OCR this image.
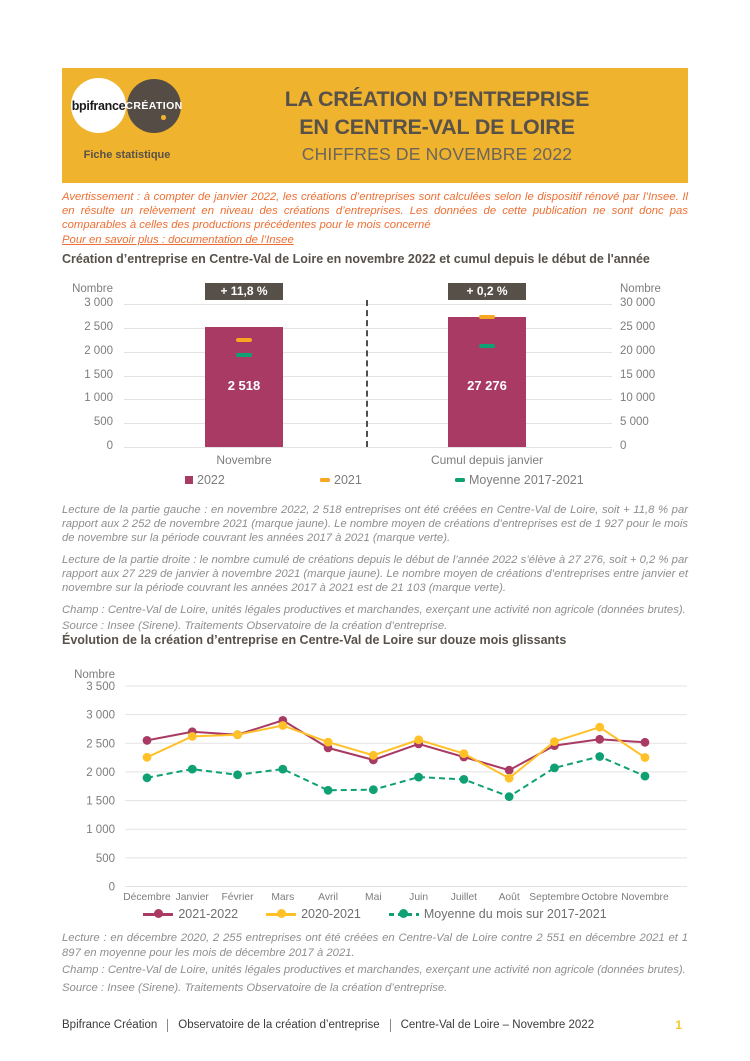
bpifrance CRÉATION
Fiche statistique
LA CRÉATION D’ENTREPRISE
EN CENTRE-VAL DE LOIRE
CHIFFRES DE NOVEMBRE 2022

Avertissement : à compter de janvier 2022, les créations d’entreprises sont calculées selon le dispositif rénové par l’Insee. Il en résulte un relèvement en niveau des créations d’entreprises. Les données de cette publication ne sont donc pas comparables à celles des productions précédentes pour le mois concerné

Pour en savoir plus : documentation de l’Insee
Création d’entreprise en Centre-Val de Loire en novembre 2022 et cumul depuis le début de l'année
2022	2021	Moyenne 2017-2021
3 000	30 000
2 500	25 000
2 000	20 000
1 500	15 000
1 000	10 000
500	5 000
0	0
Nombre	Nombre
+ 11,8 %
2 518
Novembre
+ 0,2 %
27 276
Cumul depuis janvier

Lecture de la partie gauche : en novembre 2022, 2 518 entreprises ont été créées en Centre-Val de Loire, soit + 11,8 % par rapport aux 2 252 de novembre 2021 (marque jaune). Le nombre moyen de créations d’entreprises est de 1 927 pour le mois de novembre sur la période couvrant les années 2017 à 2021 (marque verte).

Lecture de la partie droite : le nombre cumulé de créations depuis le début de l’année 2022 s’élève à 27 276, soit + 0,2 % par rapport aux 27 229 de janvier à novembre 2021 (marque jaune). Le nombre moyen de créations d’entreprises entre janvier et novembre sur la période couvrant les années 2017 à 2021 est de 21 103 (marque verte).

Champ : Centre-Val de Loire, unités légales productives et marchandes, exerçant une activité non agricole (données brutes).

Source : Insee (Sirene). Traitements Observatoire de la création d’entreprise.

Évolution de la création d’entreprise en Centre-Val de Loire sur douze mois glissants
Nombre
3 500
3 000
2 500
2 000
1 500
1 000
500
0
Décembre Janvier Février Mars Avril	Mai	Juin Juillet Août Septembre Octobre Novembre
2021-2022	2020-2021	Moyenne du mois sur 2017-2021

Lecture : en décembre 2020, 2 255 entreprises ont été créées en Centre-Val de Loire contre 2 551 en décembre 2021 et 1 897 en moyenne pour les mois de décembre 2017 à 2021.

Champ : Centre-Val de Loire, unités légales productives et marchandes, exerçant une activité non agricole (données brutes).

Source : Insee (Sirene). Traitements Observatoire de la création d’entreprise.

Bpifrance Création Observatoire de la création d’entreprise Centre-Val de Loire – Novembre 2022	1
